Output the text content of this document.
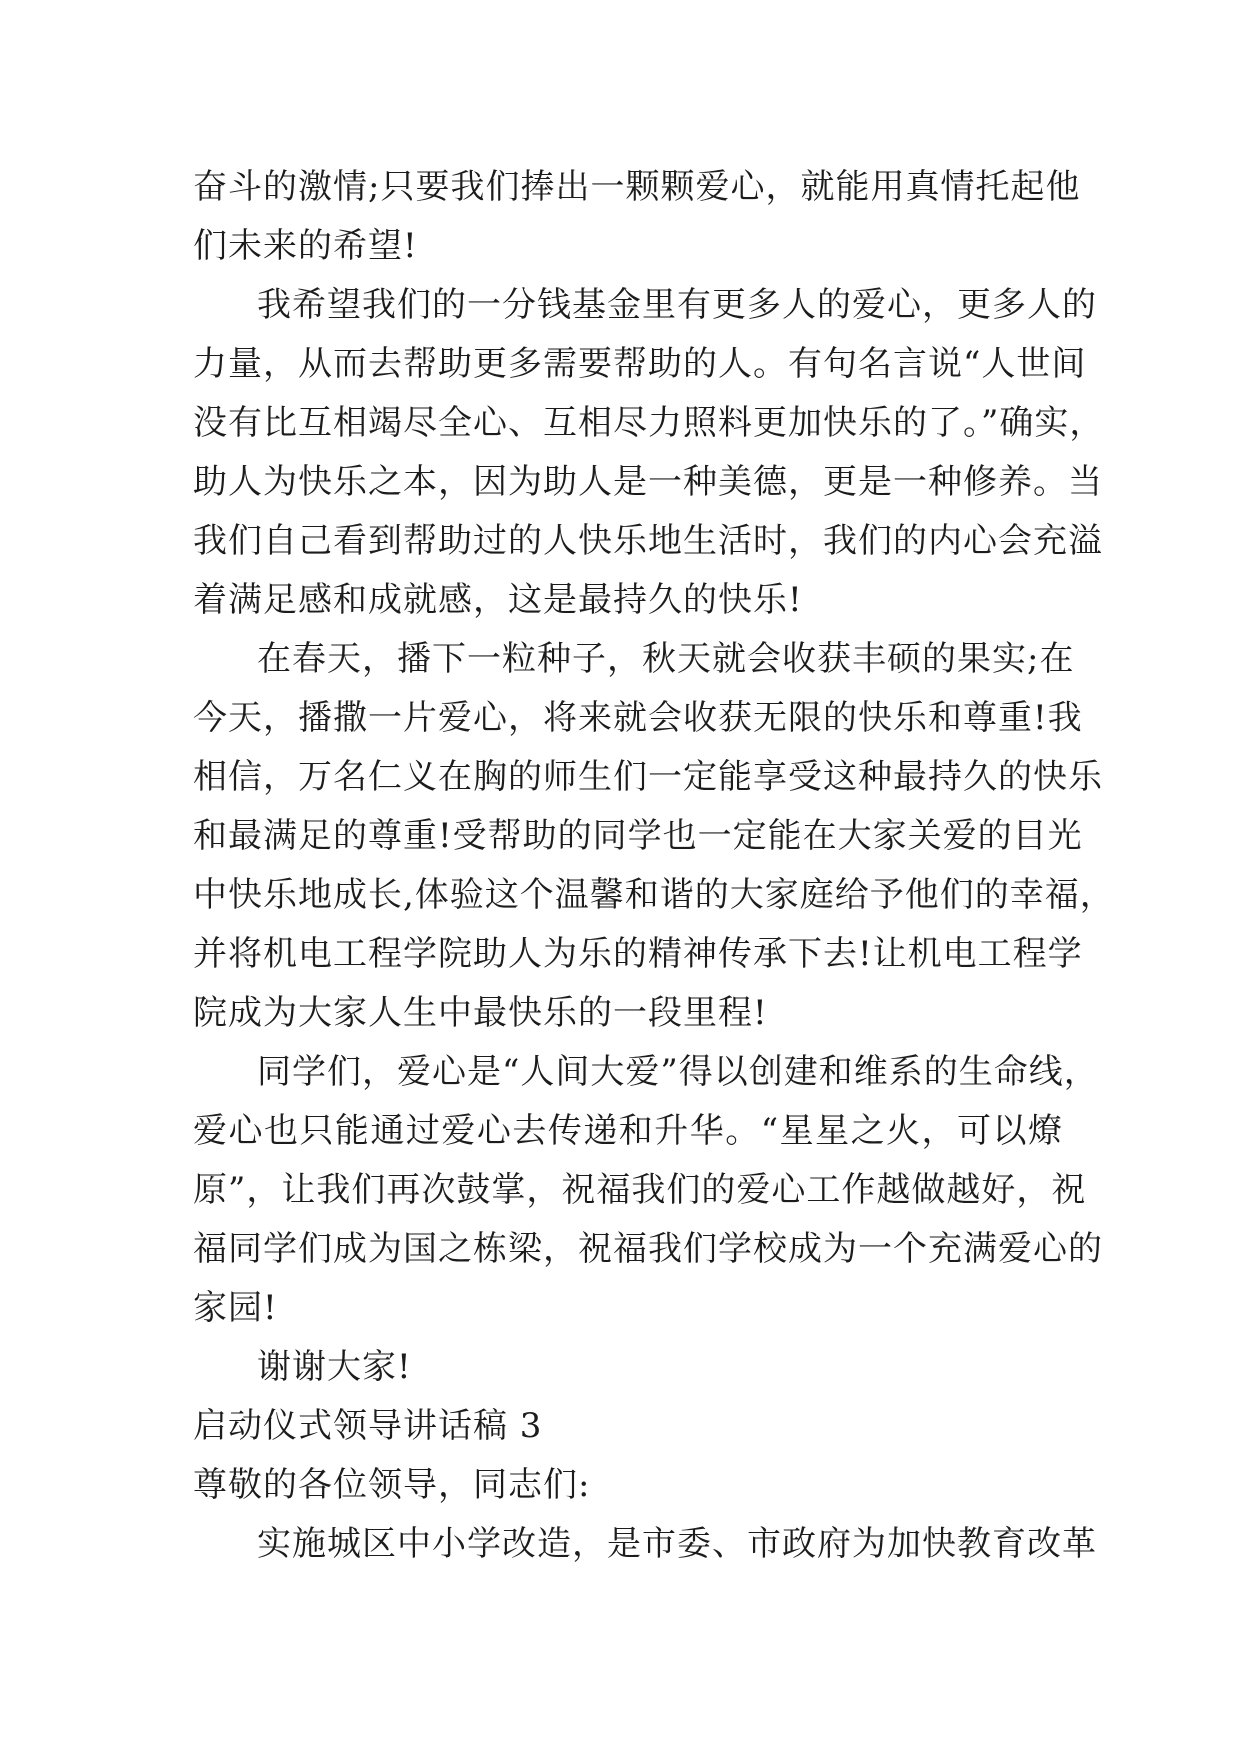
奋斗的激情;只要我们捧出一颗颗爱心，就能用真情托起他
们未来的希望!
我希望我们的一分钱基金里有更多人的爱心，更多人的
力量，从而去帮助更多需要帮助的人。有句名言说“人世间
没有比互相竭尽全心、互相尽力照料更加快乐的了。”确实，
助人为快乐之本，因为助人是一种美德，更是一种修养。当
我们自己看到帮助过的人快乐地生活时，我们的内心会充溢
着满足感和成就感，这是最持久的快乐!
在春天，播下一粒种子，秋天就会收获丰硕的果实;在
今天，播撒一片爱心，将来就会收获无限的快乐和尊重!我
相信，万名仁义在胸的师生们一定能享受这种最持久的快乐
和最满足的尊重!受帮助的同学也一定能在大家关爱的目光
中快乐地成长,体验这个温馨和谐的大家庭给予他们的幸福，
并将机电工程学院助人为乐的精神传承下去!让机电工程学
院成为大家人生中最快乐的一段里程!
同学们，爱心是“人间大爱”得以创建和维系的生命线，
爱心也只能通过爱心去传递和升华。“星星之火，可以燎
原”，让我们再次鼓掌，祝福我们的爱心工作越做越好，祝
福同学们成为国之栋梁，祝福我们学校成为一个充满爱心的
家园!
谢谢大家!
启动仪式领导讲话稿 3
尊敬的各位领导，同志们:
实施城区中小学改造，是市委、市政府为加快教育改革
